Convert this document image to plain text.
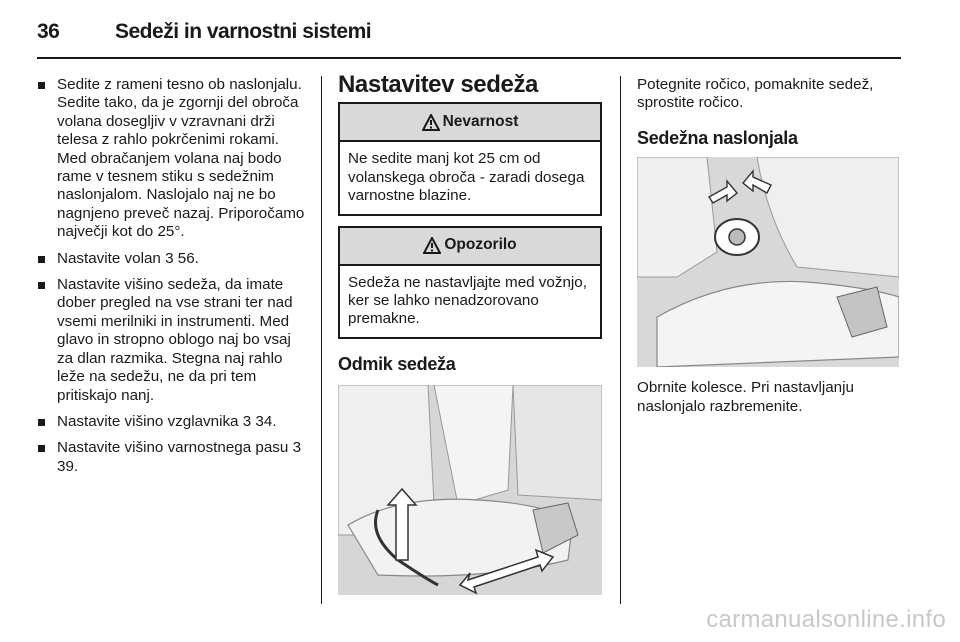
36	Sedeži in varnostni sistemi
Sedite z rameni tesno ob naslonjalu. Sedite tako, da je zgornji del obroča volana dosegljiv v vzravnani drži telesa z rahlo pokrčenimi rokami. Med obračanjem volana naj bodo rame v tesnem stiku s sedežnim naslonjalom. Naslojalo naj ne bo nagnjeno preveč nazaj. Priporočamo največji kot do 25°.
Nastavite volan 3 56.
Nastavite višino sedeža, da imate dober pregled na vse strani ter nad vsemi merilniki in instrumenti. Med glavo in stropno oblogo naj bo vsaj za dlan razmika. Stegna naj rahlo leže na sedežu, ne da pri tem pritiskajo nanj.
Nastavite višino vzglavnika 3 34.
Nastavite višino varnostnega pasu 3 39.
Nastavitev sedeža
Nevarnost
Ne sedite manj kot 25 cm od volanskega obroča - zaradi dosega varnostne blazine.
Opozorilo
Sedeža ne nastavljajte med vožnjo, ker se lahko nenadzorovano premakne.
Odmik sedeža
Potegnite ročico, pomaknite sedež, sprostite ročico.
Sedežna naslonjala
Obrnite kolesce. Pri nastavljanju naslonjalo razbremenite.
carmanualsonline.info
